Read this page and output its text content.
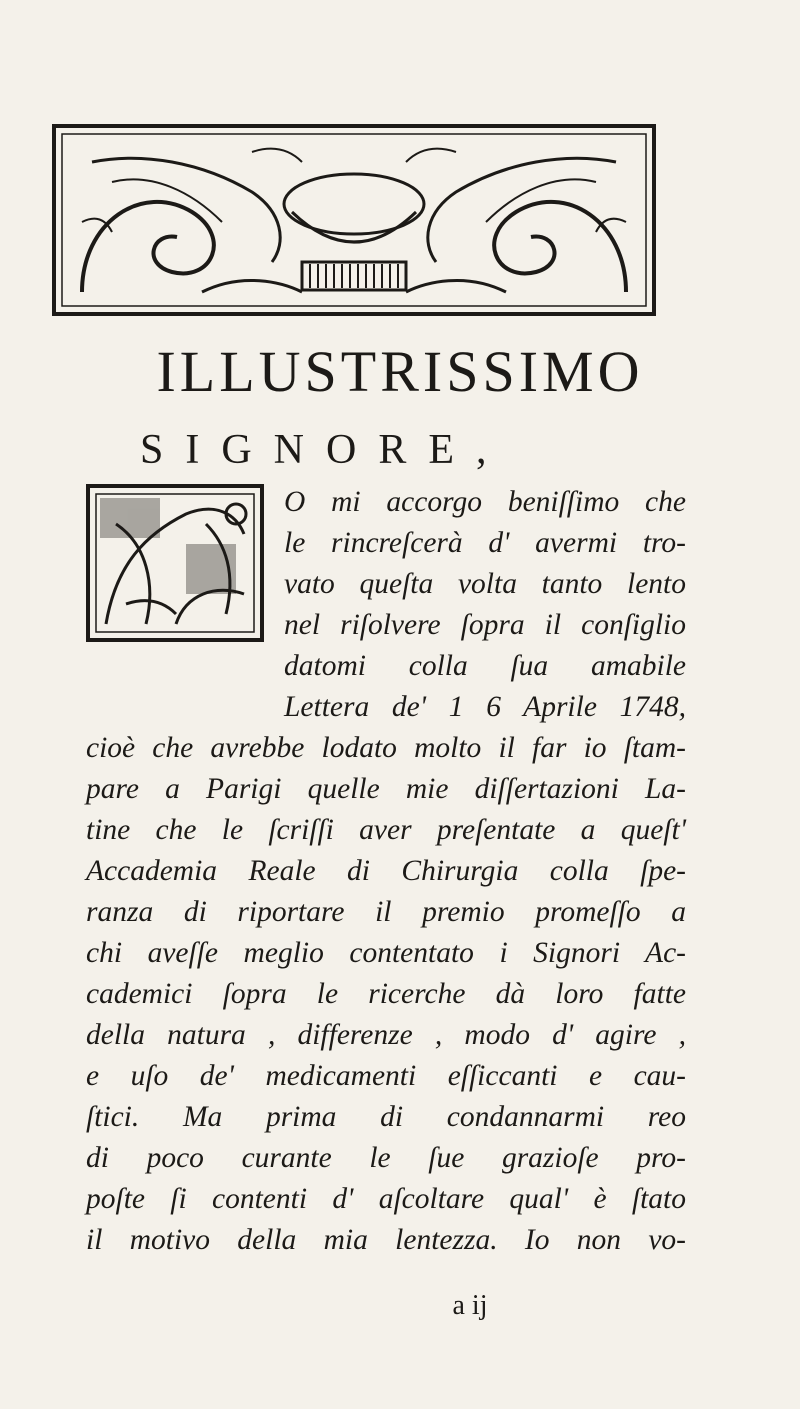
ILLUSTRISSIMO
SIGNORE,
O mi accorgo beniſſimo che
le rincreſcerà d' avermi tro-
vato queſta volta tanto lento
nel riſolvere ſopra il conſiglio
datomi colla ſua amabile
Lettera de' 1 6 Aprile 1748,
cioè che avrebbe lodato molto il far io ſtam-
pare a Parigi quelle mie diſſertazioni La-
tine che le ſcriſſi aver preſentate a queſt'
Accademia Reale di Chirurgia colla ſpe-
ranza di riportare il premio promeſſo a
chi aveſſe meglio contentato i Signori Ac-
cademici ſopra le ricerche dà loro fatte
della natura , differenze , modo d' agire ,
e uſo de' medicamenti eſſiccanti e cau-
ſtici. Ma prima di condannarmi reo
di poco curante le ſue grazioſe pro-
poſte ſi contenti d' aſcoltare qual' è ſtato
il motivo della mia lentezza. Io non vo-
a ij
